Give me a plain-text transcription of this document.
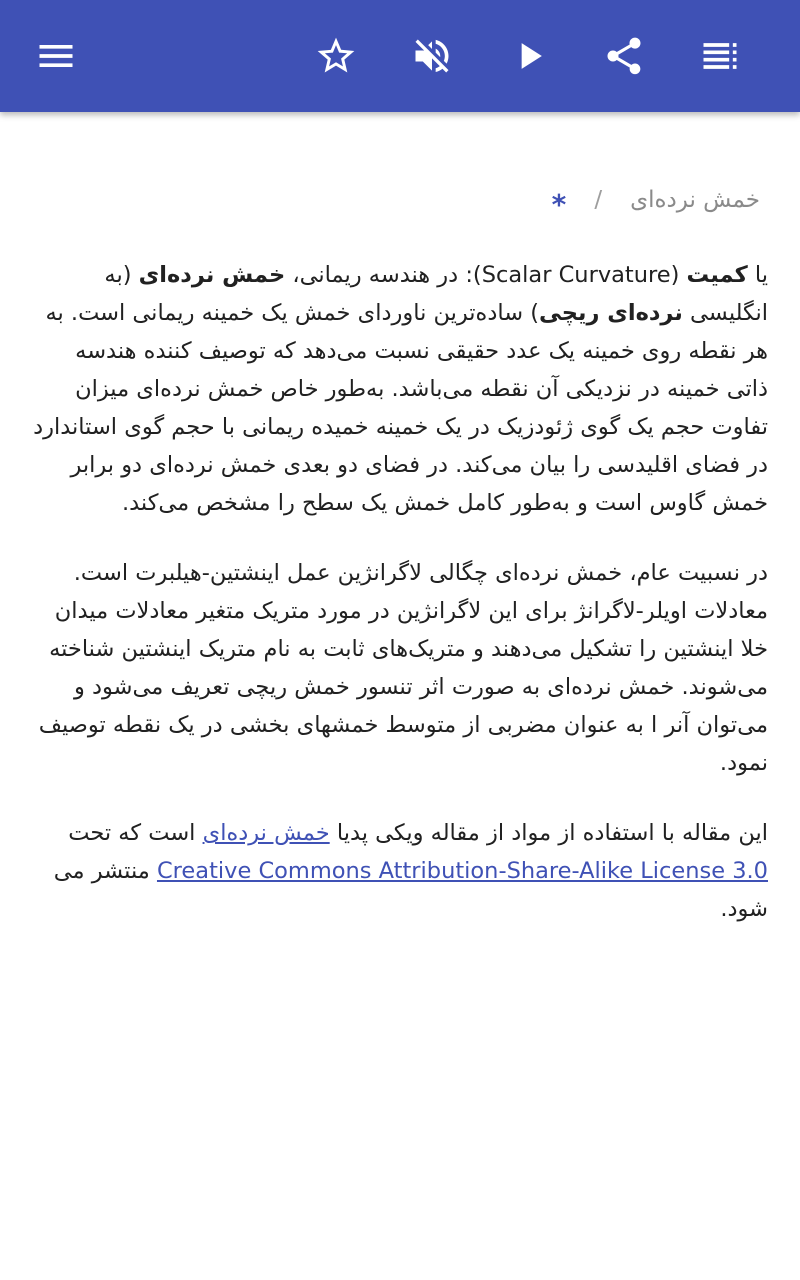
خمش نرده‌ای
/
*

یا کمیت (Scalar Curvature): در هندسه ریمانی، خمش نرده‌ای (به انگلیسی نرده‌ای ریچی) ساده‌ترین ناوردای خمش یک خمینه ریمانی است. به هر نقطه روی خمینه یک عدد حقیقی نسبت می‌دهد که توصیف کننده هندسه ذاتی خمینه در نزدیکی آن نقطه می‌باشد. به‌طور خاص خمش نرده‌ای میزان تفاوت حجم یک گوی ژئودزیک در یک خمینه خمیده ریمانی با حجم گوی استاندارد در فضای اقلیدسی را بیان می‌کند. در فضای دو بعدی خمش نرده‌ای دو برابر خمش گاوس است و به‌طور کامل خمش یک سطح را مشخص می‌کند.

در نسبیت عام، خمش نرده‌ای چگالی لاگرانژین عمل اینشتین-هیلبرت است. معادلات اویلر-لاگرانژ برای این لاگرانژین در مورد متریک متغیر معادلات میدان خلا اینشتین را تشکیل می‌دهند و متریک‌های ثابت به نام متریک اینشتین شناخته می‌شوند. خمش نرده‌ای به صورت اثر تنسور خمش ریچی تعریف می‌شود و می‌توان آنر ا به عنوان مضربی از متوسط خمشهای بخشی در یک نقطه توصیف نمود.

این مقاله با استفاده از مواد از مقاله ویکی پدیا خمش نرده‌ای است که تحت Creative Commons Attribution-Share-Alike License 3.0 منتشر می شود.
